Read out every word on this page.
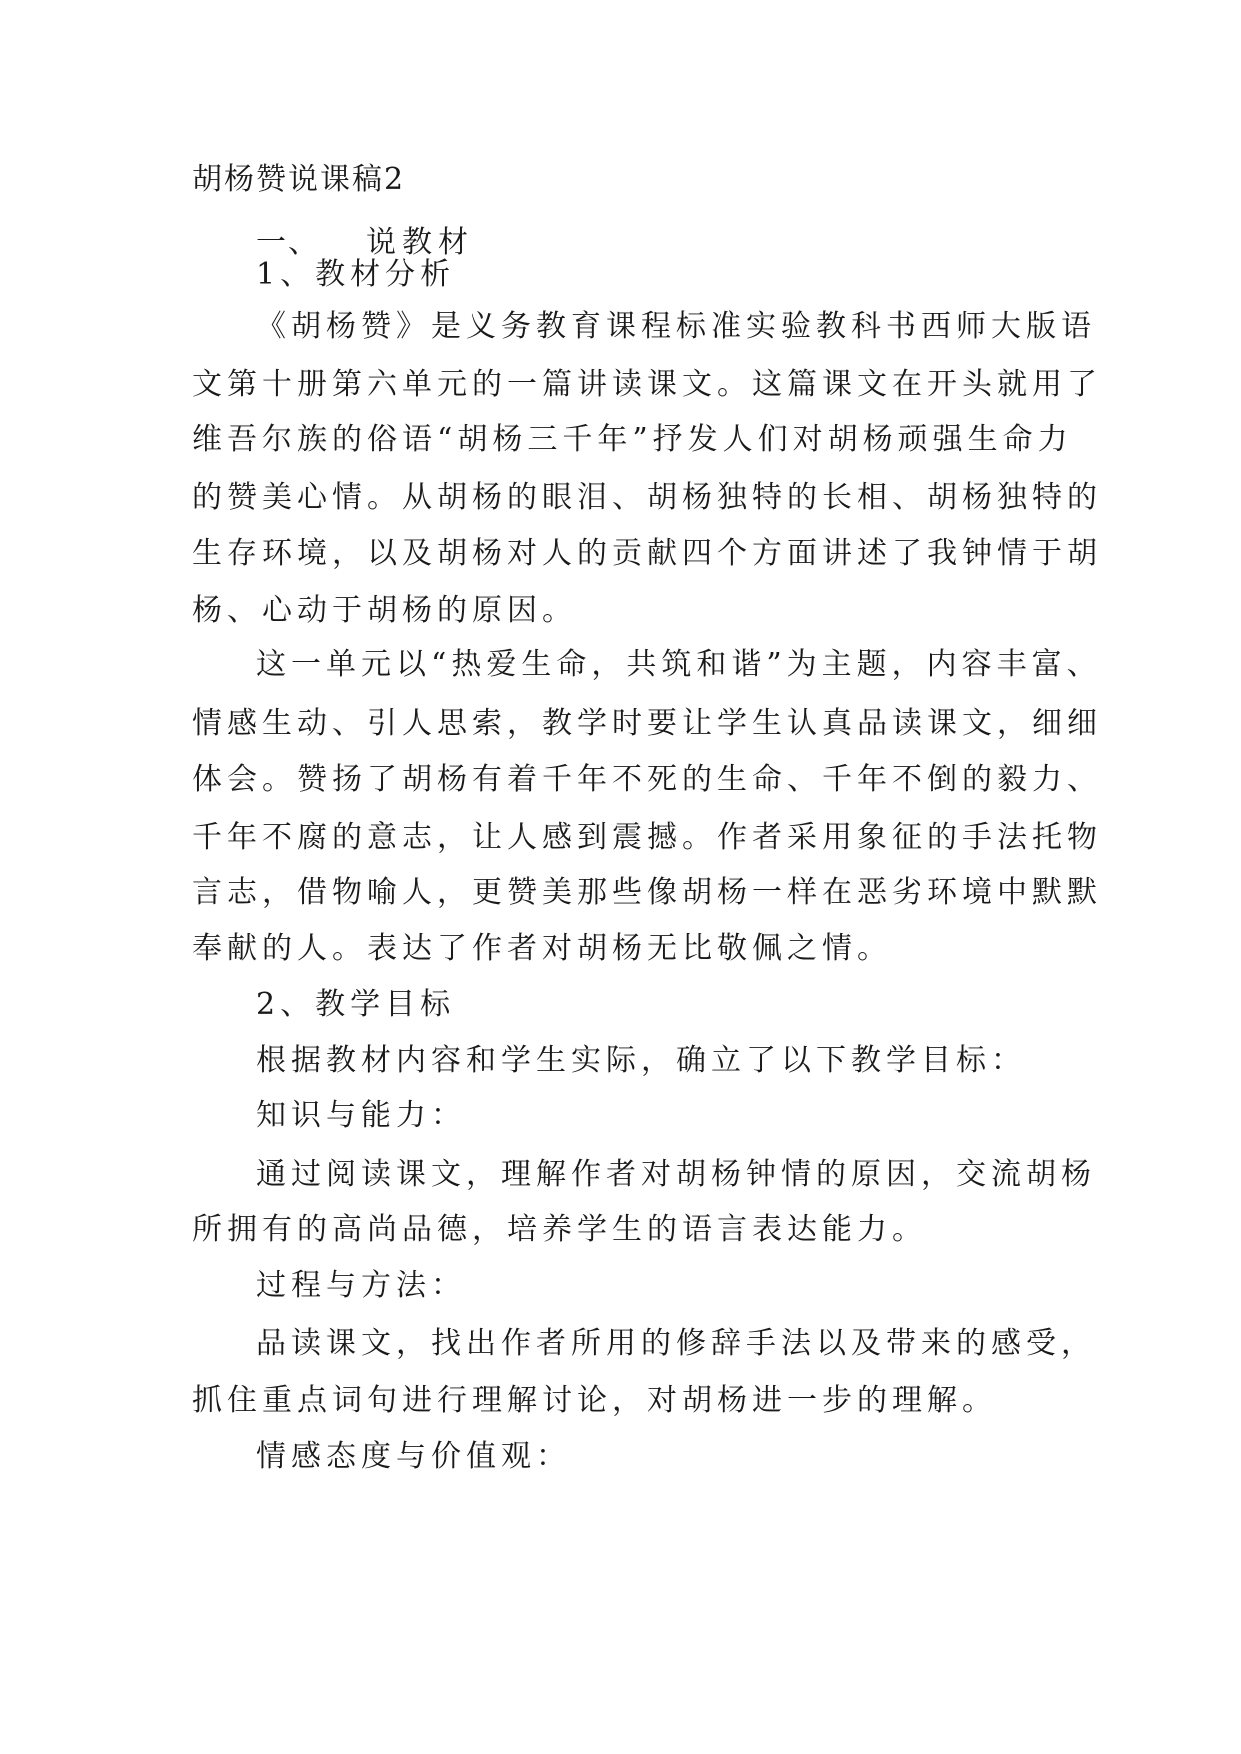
胡杨赞说课稿2

一、 说教材

1、教材分析

《胡杨赞》是义务教育课程标准实验教科书西师大版语

文第十册第六单元的一篇讲读课文。这篇课文在开头就用了

维吾尔族的俗语“胡杨三千年”抒发人们对胡杨顽强生命力

的赞美心情。从胡杨的眼泪、胡杨独特的长相、胡杨独特的

生存环境，以及胡杨对人的贡献四个方面讲述了我钟情于胡

杨、心动于胡杨的原因。

这一单元以“热爱生命，共筑和谐”为主题，内容丰富、

情感生动、引人思索，教学时要让学生认真品读课文，细细

体会。赞扬了胡杨有着千年不死的生命、千年不倒的毅力、

千年不腐的意志，让人感到震撼。作者采用象征的手法托物

言志，借物喻人，更赞美那些像胡杨一样在恶劣环境中默默

奉献的人。表达了作者对胡杨无比敬佩之情。

2、教学目标

根据教材内容和学生实际，确立了以下教学目标：

知识与能力：

通过阅读课文，理解作者对胡杨钟情的原因，交流胡杨

所拥有的高尚品德，培养学生的语言表达能力。

过程与方法：

品读课文，找出作者所用的修辞手法以及带来的感受，

抓住重点词句进行理解讨论，对胡杨进一步的理解。

情感态度与价值观：
